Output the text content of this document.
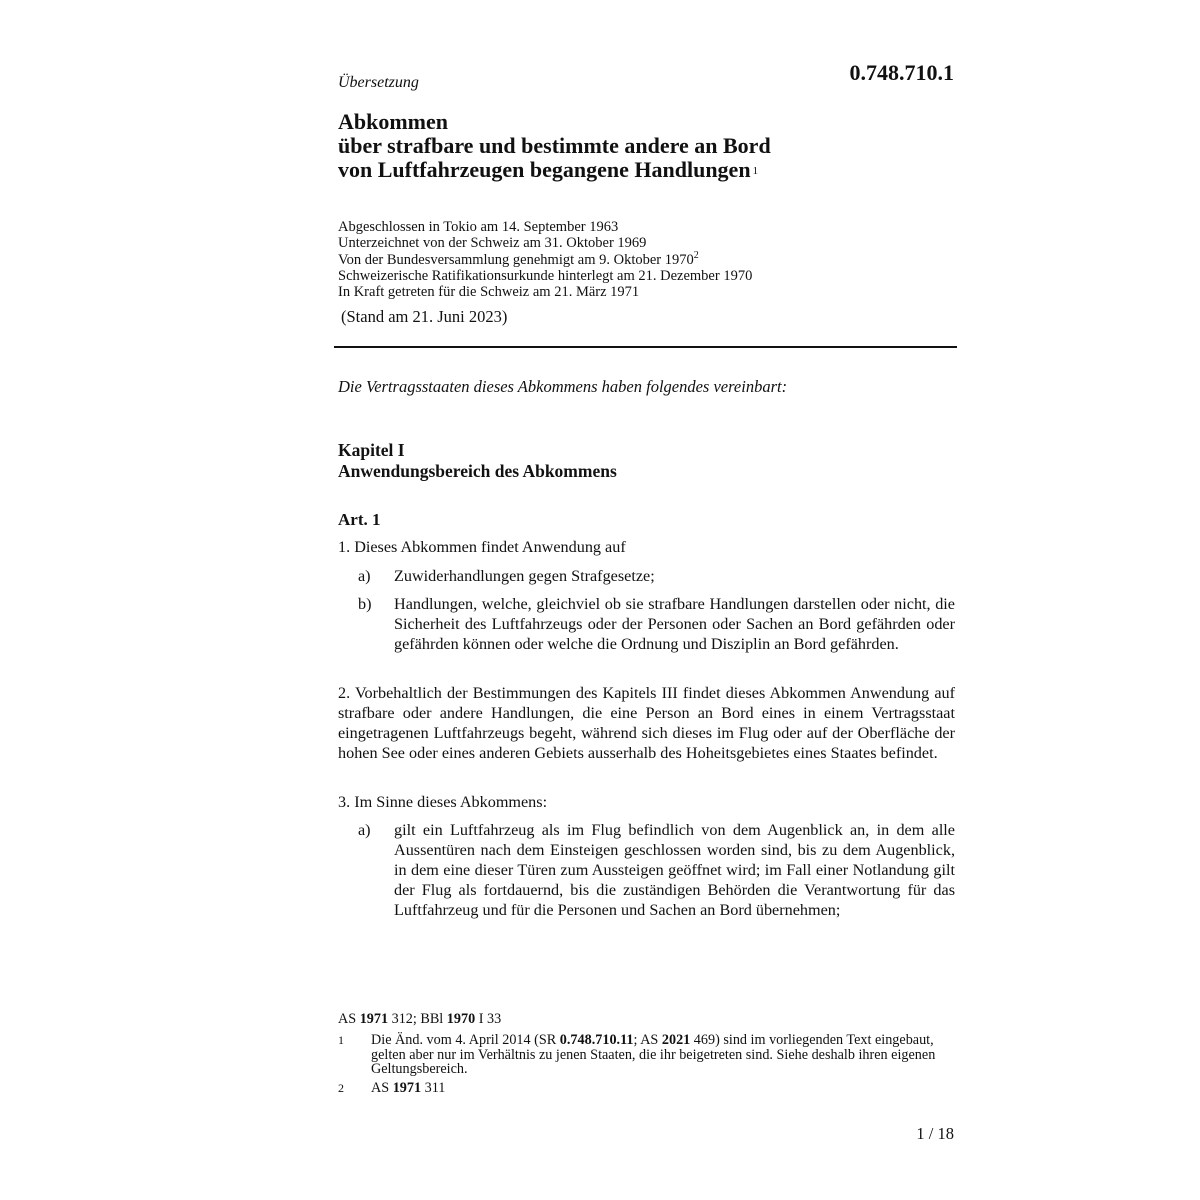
Übersetzung	0.748.710.1
Abkommen
über strafbare und bestimmte andere an Bord
von Luftfahrzeugen begangene Handlungen 1
Abgeschlossen in Tokio am 14. September 1963
Unterzeichnet von der Schweiz am 31. Oktober 1969
Von der Bundesversammlung genehmigt am 9. Oktober 1970$^2$
Schweizerische Ratifikationsurkunde hinterlegt am 21. Dezember 1970
In Kraft getreten für die Schweiz am 21. März 1971
(Stand am 21. Juni 2023)
Die Vertragsstaaten dieses Abkommens haben folgendes vereinbart:
Kapitel I
Anwendungsbereich des Abkommens
Art. 1
1. Dieses Abkommen findet Anwendung auf
a) Zuwiderhandlungen gegen Strafgesetze;
b) Handlungen, welche, gleichviel ob sie strafbare Handlungen darstellen oder nicht, die Sicherheit des Luftfahrzeugs oder der Personen oder Sachen an Bord gefährden oder gefährden können oder welche die Ordnung und Disziplin an Bord gefährden.
2. Vorbehaltlich der Bestimmungen des Kapitels III findet dieses Abkommen Anwendung auf strafbare oder andere Handlungen, die eine Person an Bord eines in einem Vertragsstaat eingetragenen Luftfahrzeugs begeht, während sich dieses im Flug oder auf der Oberfläche der hohen See oder eines anderen Gebiets ausserhalb des Hoheitsgebietes eines Staates befindet.
3. Im Sinne dieses Abkommens:
a) gilt ein Luftfahrzeug als im Flug befindlich von dem Augenblick an, in dem alle Aussentüren nach dem Einsteigen geschlossen worden sind, bis zu dem Augenblick, in dem eine dieser Türen zum Aussteigen geöffnet wird; im Fall einer Notlandung gilt der Flug als fortdauernd, bis die zuständigen Behörden die Verantwortung für das Luftfahrzeug und für die Personen und Sachen an Bord übernehmen;
AS 1971 312; BBl 1970 I 33
1 Die Änd. vom 4. April 2014 (SR 0.748.710.11; AS 2021 469) sind im vorliegenden Text eingebaut, gelten aber nur im Verhältnis zu jenen Staaten, die ihr beigetreten sind. Siehe deshalb ihren eigenen Geltungsbereich.
2 AS 1971 311
1 / 18
